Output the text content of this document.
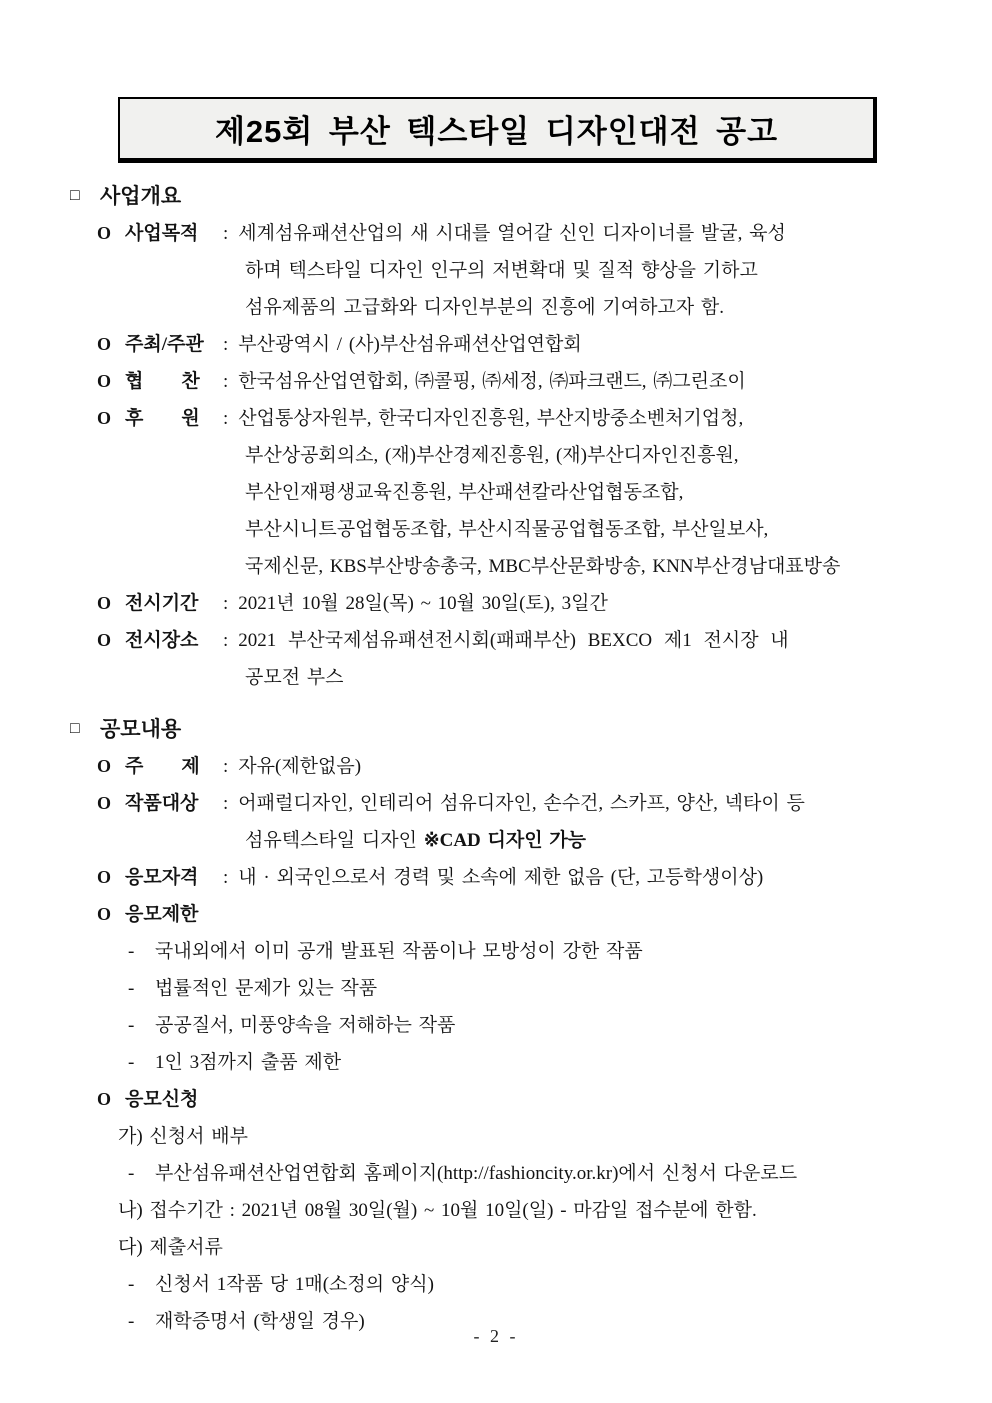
제25회 부산 텍스타일 디자인대전 공고
□ 사업개요
O 사업목적	: 세계섬유패션산업의 새 시대를 열어갈 신인 디자이너를 발굴, 육성
하며 텍스타일 디자인 인구의 저변확대 및 질적 향상을 기하고
섬유제품의 고급화와 디자인부분의 진흥에 기여하고자 함.
O 주최/주관	: 부산광역시 / (사)부산섬유패션산업연합회
O 협　　찬	: 한국섬유산업연합회, ㈜콜핑, ㈜세정, ㈜파크랜드, ㈜그린조이
O 후　　원	: 산업통상자원부, 한국디자인진흥원, 부산지방중소벤처기업청,
부산상공회의소, (재)부산경제진흥원, (재)부산디자인진흥원,
부산인재평생교육진흥원, 부산패션칼라산업협동조합,
부산시니트공업협동조합, 부산시직물공업협동조합, 부산일보사,
국제신문, KBS부산방송총국, MBC부산문화방송, KNN부산경남대표방송
O 전시기간	: 2021년 10월 28일(목) ~ 10월 30일(토), 3일간
O 전시장소	: 2021 부산국제섬유패션전시회(패패부산) BEXCO 제1 전시장 내
공모전 부스
□ 공모내용
O 주　　제	: 자유(제한없음)
O 작품대상	: 어패럴디자인, 인테리어 섬유디자인, 손수건, 스카프, 양산, 넥타이 등
섬유텍스타일 디자인 ※CAD 디자인 가능
O 응모자격	: 내 · 외국인으로서 경력 및 소속에 제한 없음 (단, 고등학생이상)
O 응모제한
-	국내외에서 이미 공개 발표된 작품이나 모방성이 강한 작품
-	법률적인 문제가 있는 작품
-	공공질서, 미풍양속을 저해하는 작품
-	1인 3점까지 출품 제한
O 응모신청
가) 신청서 배부
-	부산섬유패션산업연합회 홈페이지(http://fashioncity.or.kr)에서 신청서 다운로드
나) 접수기간 : 2021년 08월 30일(월) ~ 10월 10일(일) - 마감일 접수분에 한함.
다) 제출서류
-	신청서 1작품 당 1매(소정의 양식)
-	재학증명서 (학생일 경우)
- 2 -
